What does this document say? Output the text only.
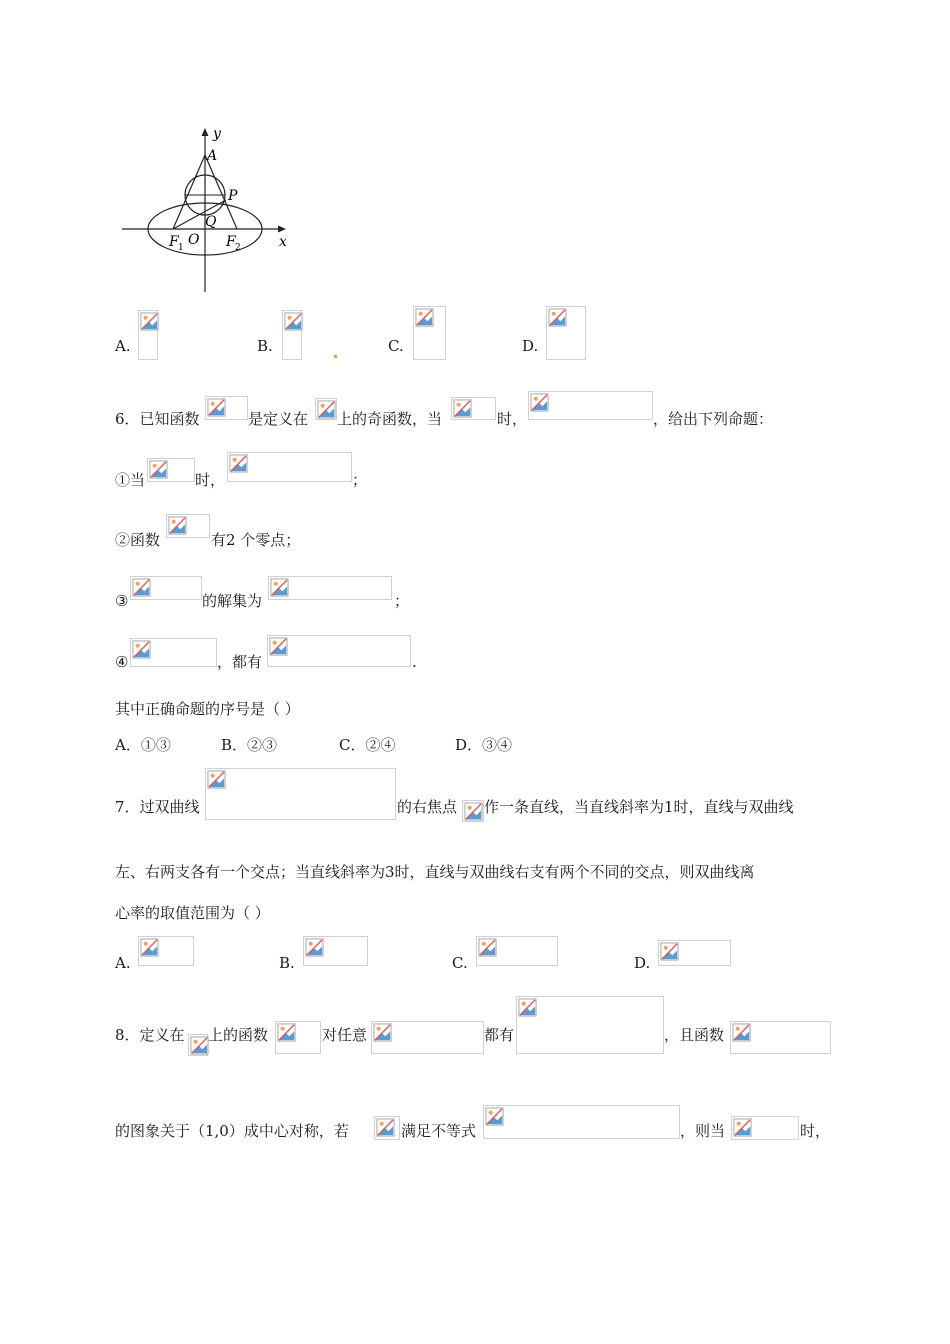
y
A
P
Q
O
F 1	F 2	x
A.	B.	C.	D.
6．已知函数	是定义在 上的奇函数，当	时，	，给出下列命题：
①当	时，	；
②函数	有2 个零点；
③	的解集为	；
④	，都有	.
其中正确命题的序号是（ ）
A．①③	B．②③	C．②④	D．③④
7．过双曲线	的右焦点 作一条直线，当直线斜率为1时，直线与双曲线
左、右两支各有一个交点；当直线斜率为3时，直线与双曲线右支有两个不同的交点，则双曲线离
心率的取值范围为（ ）
A.	B.	C.	D.
8．定义在 上的函数	对任意	都有	，且函数
的图象关于（1,0）成中心对称，若	满足不等式	，则当	时，
